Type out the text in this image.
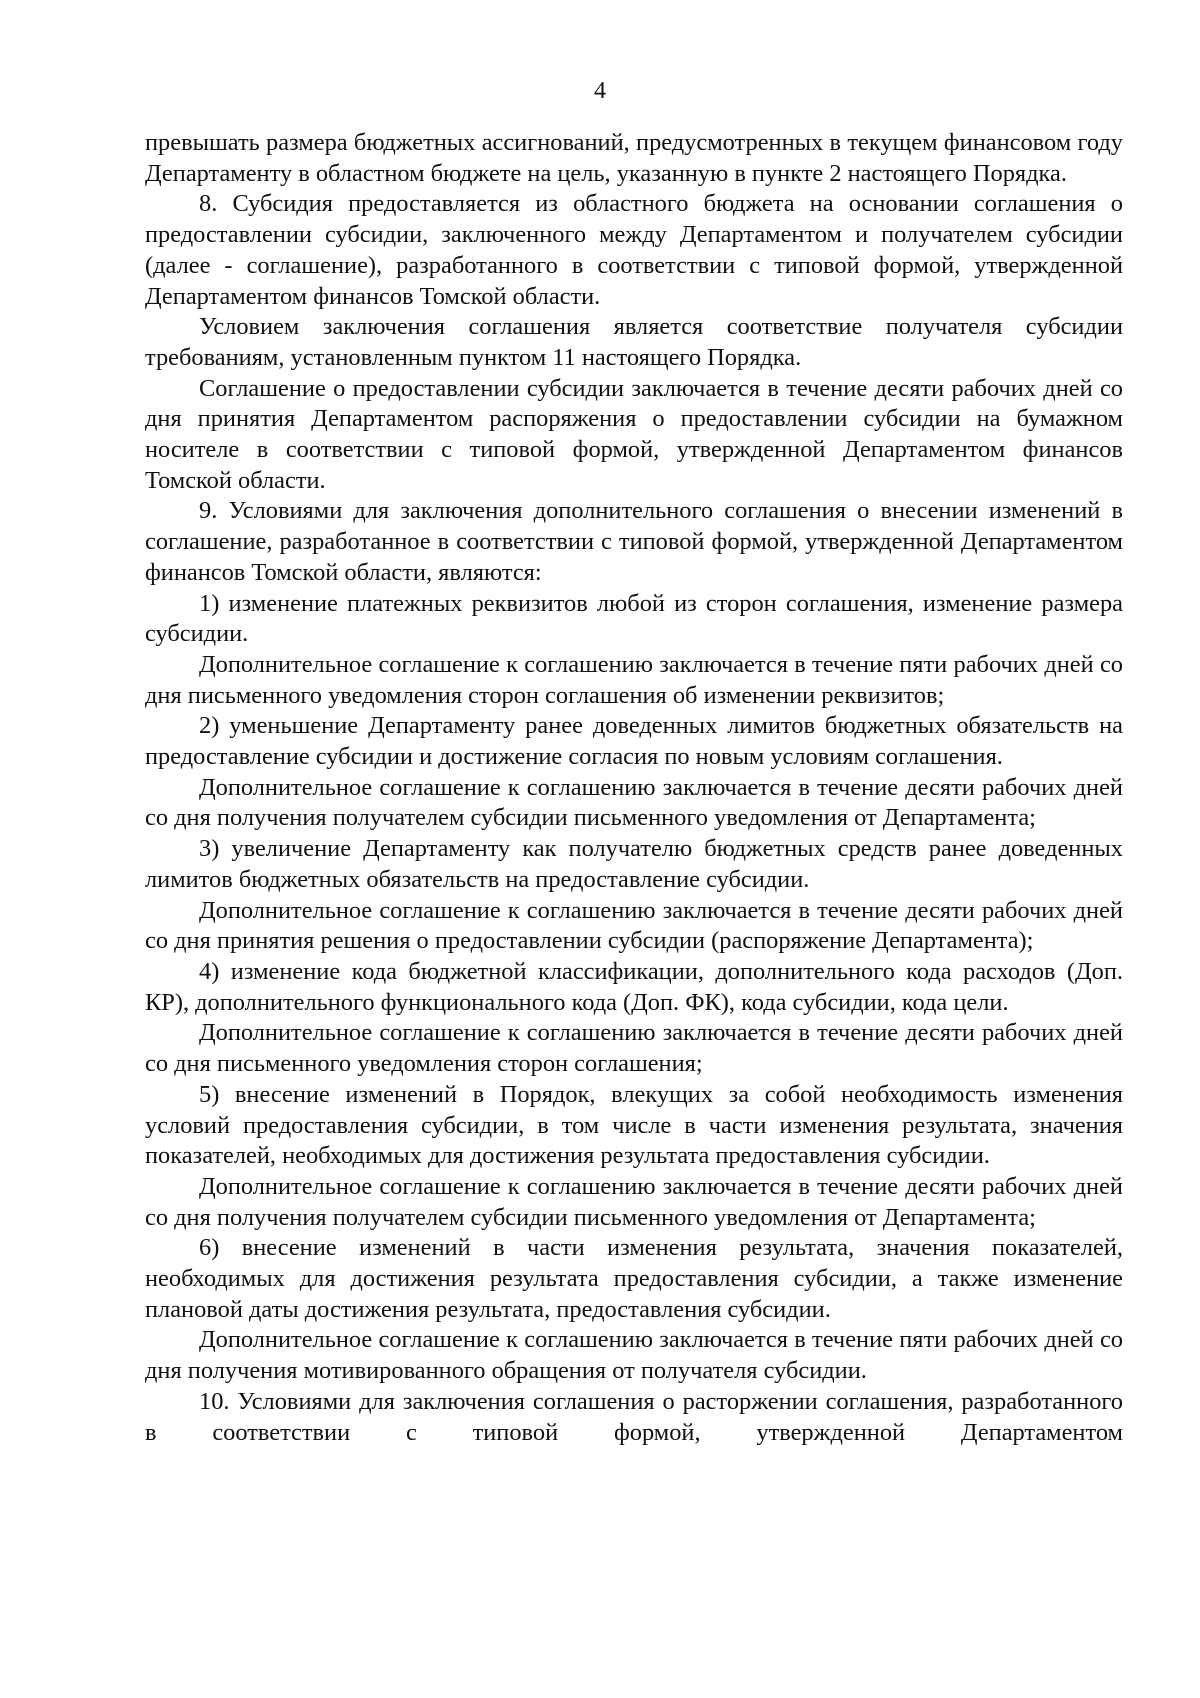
4

превышать размера бюджетных ассигнований, предусмотренных в текущем финансовом году Департаменту в областном бюджете на цель, указанную в пункте 2 настоящего Порядка.

8. Субсидия предоставляется из областного бюджета на основании соглашения о предоставлении субсидии, заключенного между Департаментом и получателем субсидии (далее - соглашение), разработанного в соответствии с типовой формой, утвержденной Департаментом финансов Томской области.

Условием заключения соглашения является соответствие получателя субсидии требованиям, установленным пунктом 11 настоящего Порядка.

Соглашение о предоставлении субсидии заключается в течение десяти рабочих дней со дня принятия Департаментом распоряжения о предоставлении субсидии на бумажном носителе в соответствии с типовой формой, утвержденной Департаментом финансов Томской области.

9. Условиями для заключения дополнительного соглашения о внесении изменений в соглашение, разработанное в соответствии с типовой формой, утвержденной Департаментом финансов Томской области, являются:

1) изменение платежных реквизитов любой из сторон соглашения, изменение размера субсидии.

Дополнительное соглашение к соглашению заключается в течение пяти рабочих дней со дня письменного уведомления сторон соглашения об изменении реквизитов;

2) уменьшение Департаменту ранее доведенных лимитов бюджетных обязательств на предоставление субсидии и достижение согласия по новым условиям соглашения.

Дополнительное соглашение к соглашению заключается в течение десяти рабочих дней со дня получения получателем субсидии письменного уведомления от Департамента;

3) увеличение Департаменту как получателю бюджетных средств ранее доведенных лимитов бюджетных обязательств на предоставление субсидии.

Дополнительное соглашение к соглашению заключается в течение десяти рабочих дней со дня принятия решения о предоставлении субсидии (распоряжение Департамента);

4) изменение кода бюджетной классификации, дополнительного кода расходов (Доп. КР), дополнительного функционального кода (Доп. ФК), кода субсидии, кода цели.

Дополнительное соглашение к соглашению заключается в течение десяти рабочих дней со дня письменного уведомления сторон соглашения;

5) внесение изменений в Порядок, влекущих за собой необходимость изменения условий предоставления субсидии, в том числе в части изменения результата, значения показателей, необходимых для достижения результата предоставления субсидии.

Дополнительное соглашение к соглашению заключается в течение десяти рабочих дней со дня получения получателем субсидии письменного уведомления от Департамента;

6) внесение изменений в части изменения результата, значения показателей, необходимых для достижения результата предоставления субсидии, а также изменение плановой даты достижения результата, предоставления субсидии.

Дополнительное соглашение к соглашению заключается в течение пяти рабочих дней со дня получения мотивированного обращения от получателя субсидии.

10. Условиями для заключения соглашения о расторжении соглашения, разработанного в соответствии с типовой формой, утвержденной Департаментом
